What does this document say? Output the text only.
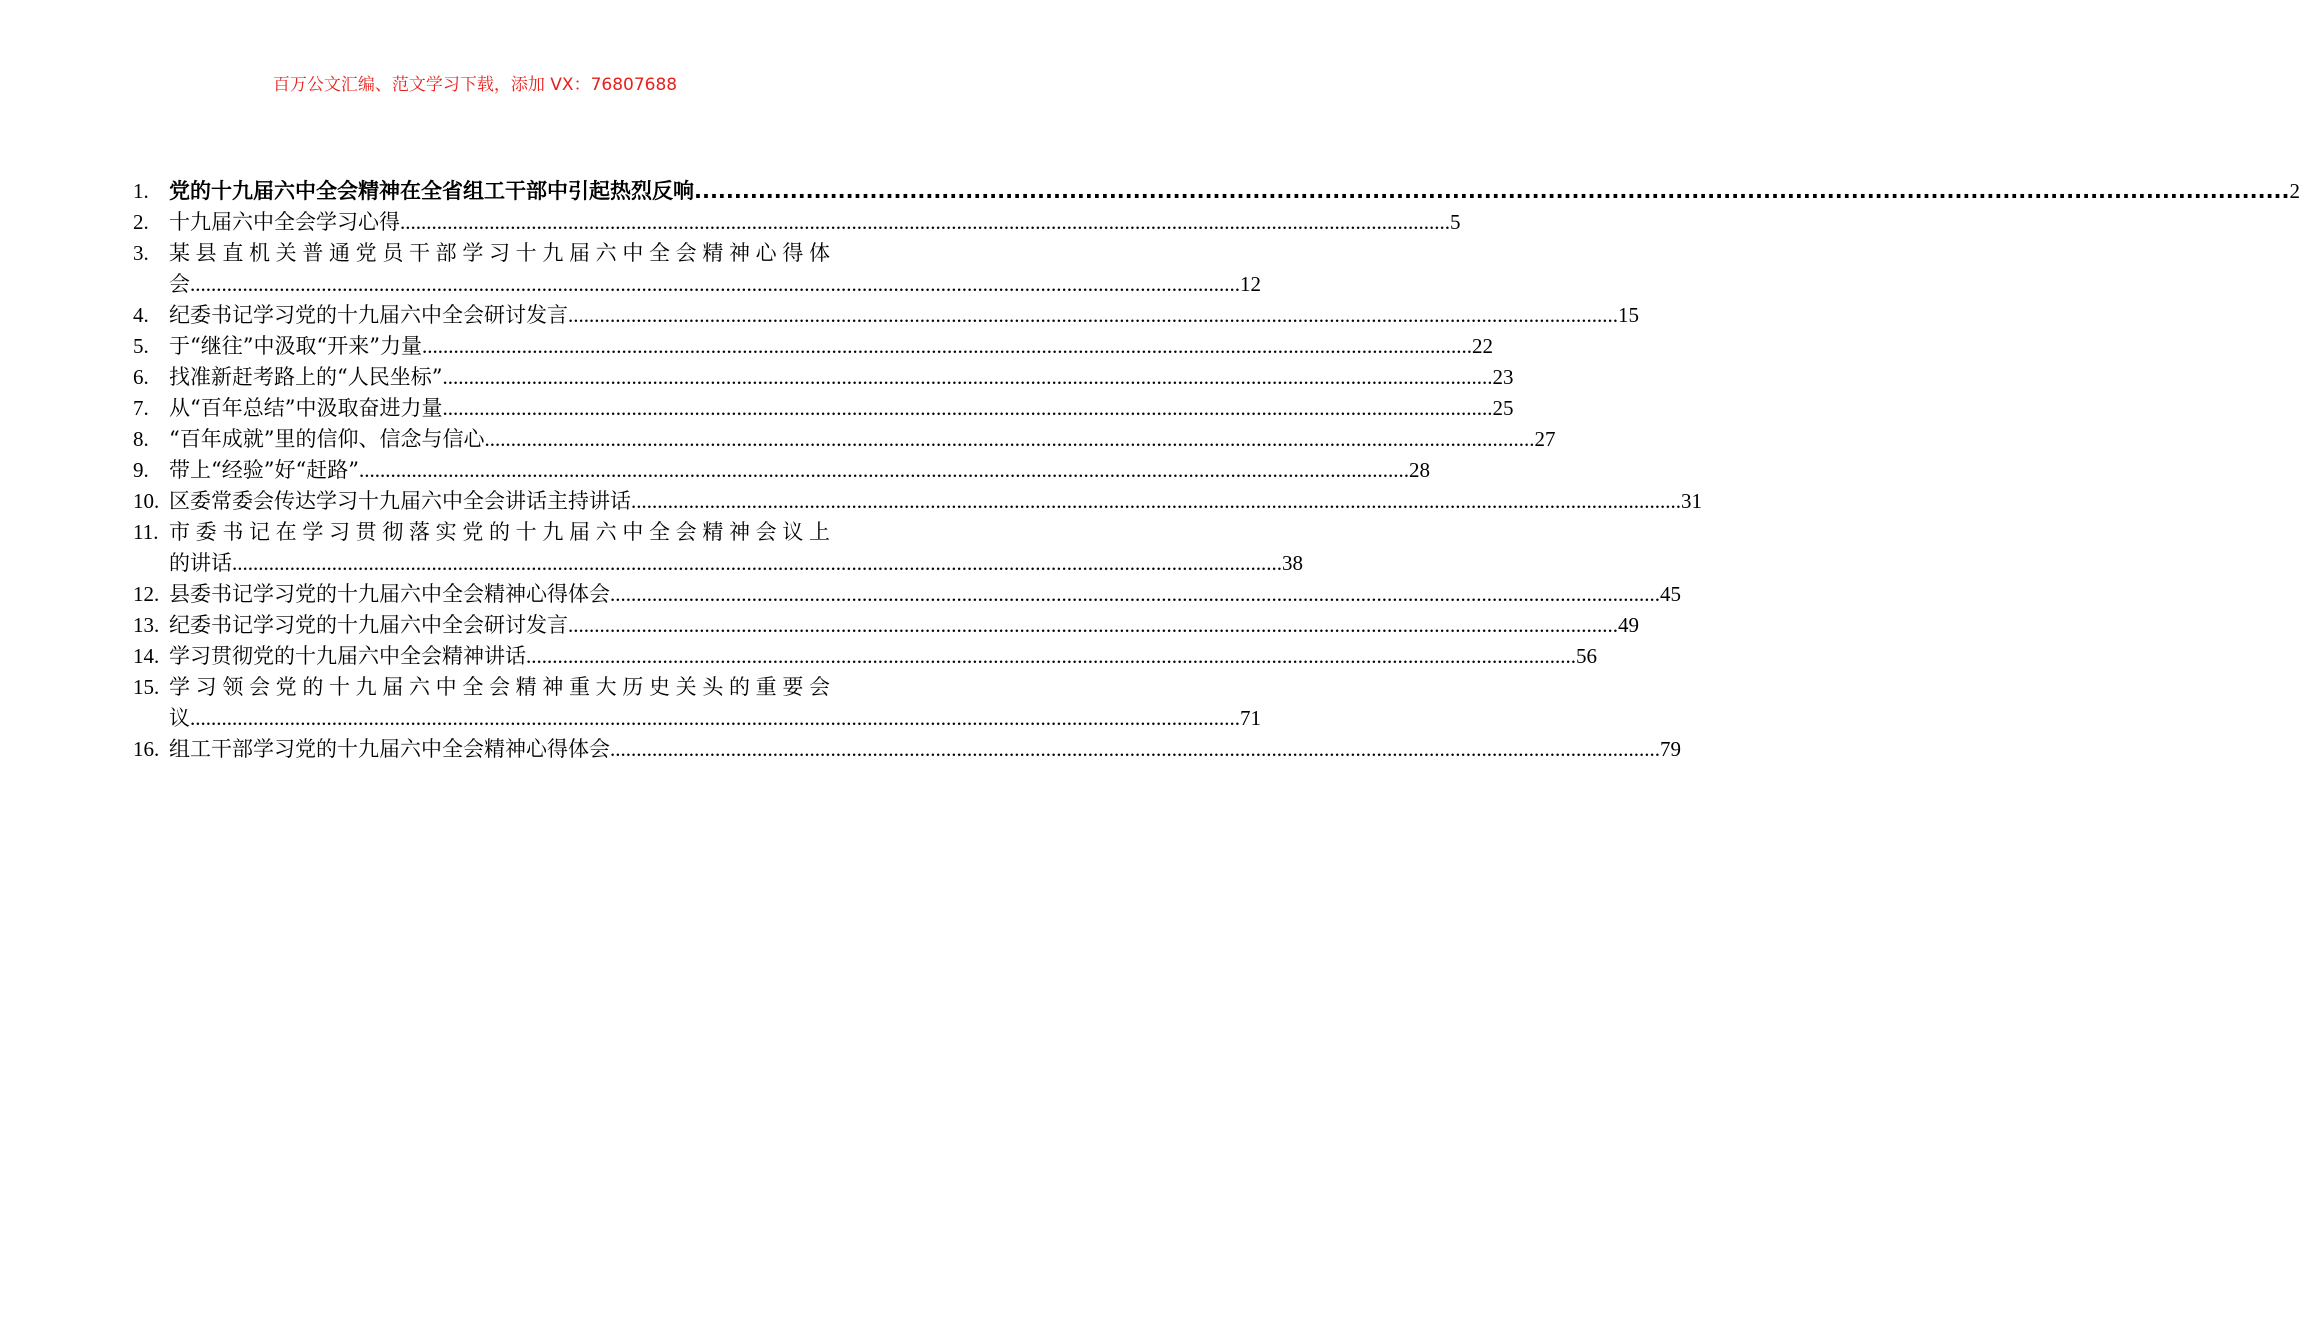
百万公文汇编、范文学习下载，添加 VX：76807688
1. 党的十九届六中全会精神在全省组工干部中引起热烈反响 .....	2
2. 十九届六中全会学习心得 .....	5
3. 某县直机关普通党员干部学习十九届六中全会精神心得体
会 .....	12
4. 纪委书记学习党的十九届六中全会研讨发言 .....	15
5. 于“继往”中汲取“开来”力量 .....	22
6. 找准新赶考路上的“人民坐标” .....	23
7. 从“百年总结”中汲取奋进力量 .....	25
8. “百年成就”里的信仰、信念与信心 .....	27
9. 带上“经验”好“赶路” .....	28
10. 区委常委会传达学习十九届六中全会讲话主持讲话 .....	31
11. 市委书记在学习贯彻落实党的十九届六中全会精神会议上
的讲话 .....	38
12. 县委书记学习党的十九届六中全会精神心得体会 .....	45
13. 纪委书记学习党的十九届六中全会研讨发言 .....	49
14. 学习贯彻党的十九届六中全会精神讲话 .....	56
15. 学习领会党的十九届六中全会精神重大历史关头的重要会
议 .....	71
16. 组工干部学习党的十九届六中全会精神心得体会 .....	79
